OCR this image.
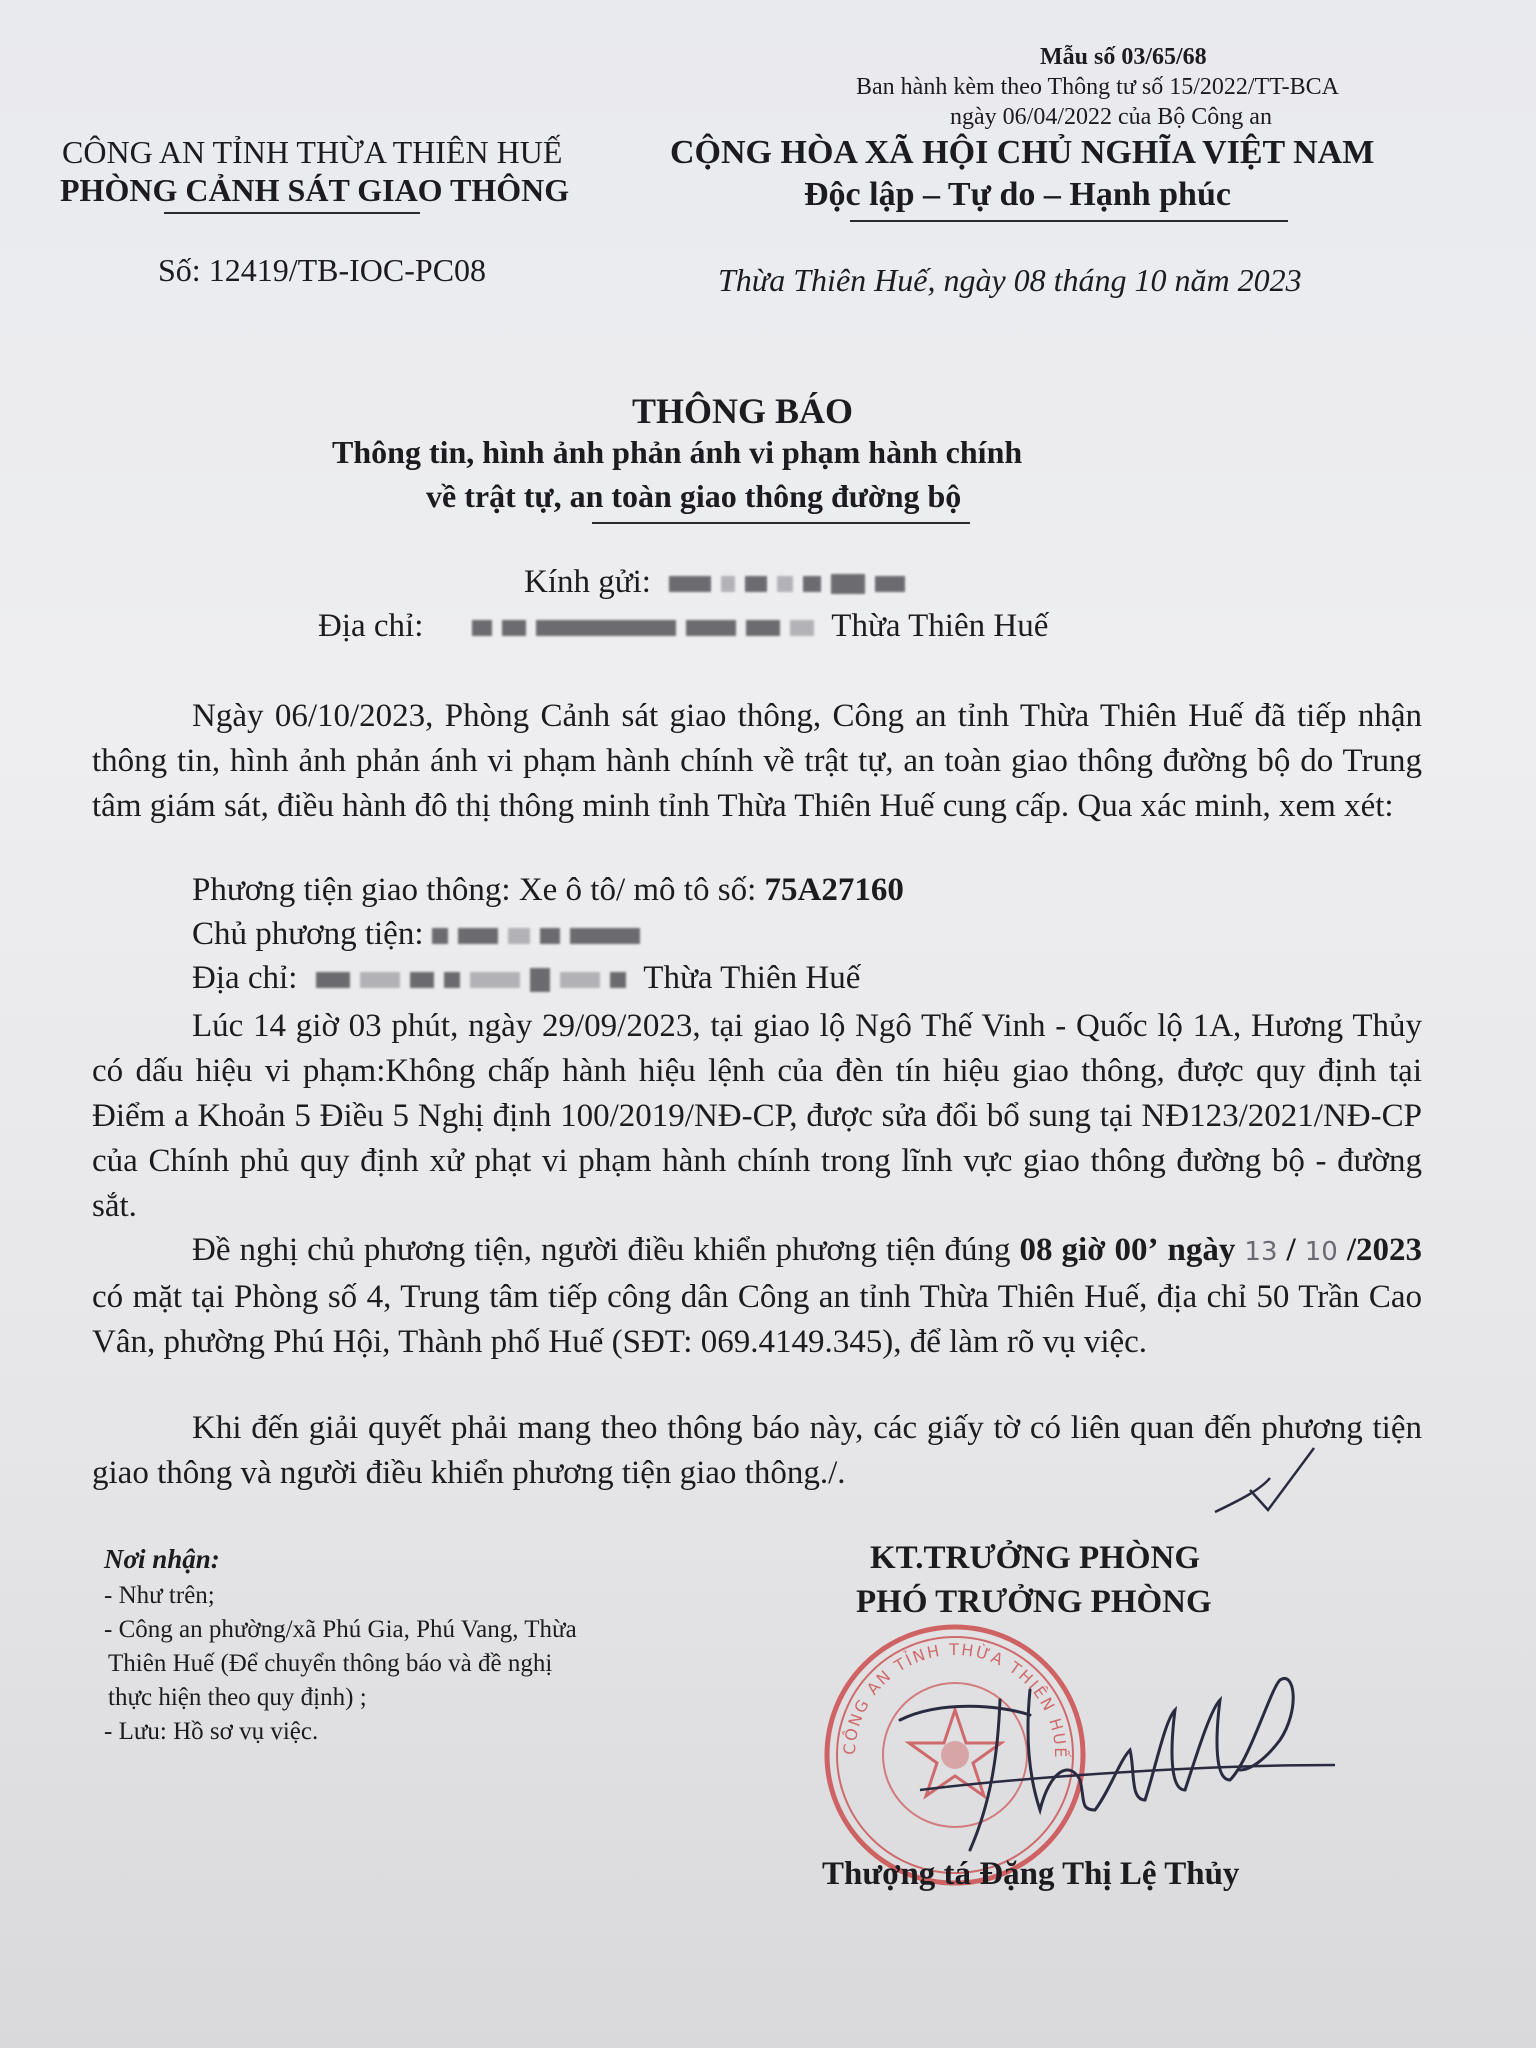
Mẫu số 03/65/68
Ban hành kèm theo Thông tư số 15/2022/TT-BCA
ngày 06/04/2022 của Bộ Công an
CÔNG AN TỈNH THỪA THIÊN HUẾ
PHÒNG CẢNH SÁT GIAO THÔNG
Số: 12419/TB-IOC-PC08
CỘNG HÒA XÃ HỘI CHỦ NGHĨA VIỆT NAM
Độc lập – Tự do – Hạnh phúc
Thừa Thiên Huế, ngày 08 tháng 10 năm 2023
THÔNG BÁO
Thông tin, hình ảnh phản ánh vi phạm hành chính
về trật tự, an toàn giao thông đường bộ
Kính gửi:
Địa chỉ:	Thừa Thiên Huế
Ngày 06/10/2023, Phòng Cảnh sát giao thông, Công an tỉnh Thừa Thiên Huế đã tiếp nhận thông tin, hình ảnh phản ánh vi phạm hành chính về trật tự, an toàn giao thông đường bộ do Trung tâm giám sát, điều hành đô thị thông minh tỉnh Thừa Thiên Huế cung cấp. Qua xác minh, xem xét:
Phương tiện giao thông: Xe ô tô/ mô tô số: 75A27160
Chủ phương tiện:
Địa chỉ:	Thừa Thiên Huế
Lúc 14 giờ 03 phút, ngày 29/09/2023, tại giao lộ Ngô Thế Vinh - Quốc lộ 1A, Hương Thủy có dấu hiệu vi phạm:Không chấp hành hiệu lệnh của đèn tín hiệu giao thông, được quy định tại Điểm a Khoản 5 Điều 5 Nghị định 100/2019/NĐ-CP, được sửa đổi bổ sung tại NĐ123/2021/NĐ-CP của Chính phủ quy định xử phạt vi phạm hành chính trong lĩnh vực giao thông đường bộ - đường sắt.
Đề nghị chủ phương tiện, người điều khiển phương tiện đúng 08 giờ 00’ ngày 13 / 10 /2023 có mặt tại Phòng số 4, Trung tâm tiếp công dân Công an tỉnh Thừa Thiên Huế, địa chỉ 50 Trần Cao Vân, phường Phú Hội, Thành phố Huế (SĐT: 069.4149.345), để làm rõ vụ việc.
Khi đến giải quyết phải mang theo thông báo này, các giấy tờ có liên quan đến phương tiện giao thông và người điều khiển phương tiện giao thông./.
Nơi nhận:
- Như trên;
- Công an phường/xã Phú Gia, Phú Vang, Thừa
Thiên Huế (Để chuyển thông báo và đề nghị
thực hiện theo quy định) ;
- Lưu: Hồ sơ vụ việc.
KT.TRƯỞNG PHÒNG
PHÓ TRƯỞNG PHÒNG
CÔNG AN TỈNH THỪA THIÊN HUẾ
Thượng tá Đặng Thị Lệ Thủy
